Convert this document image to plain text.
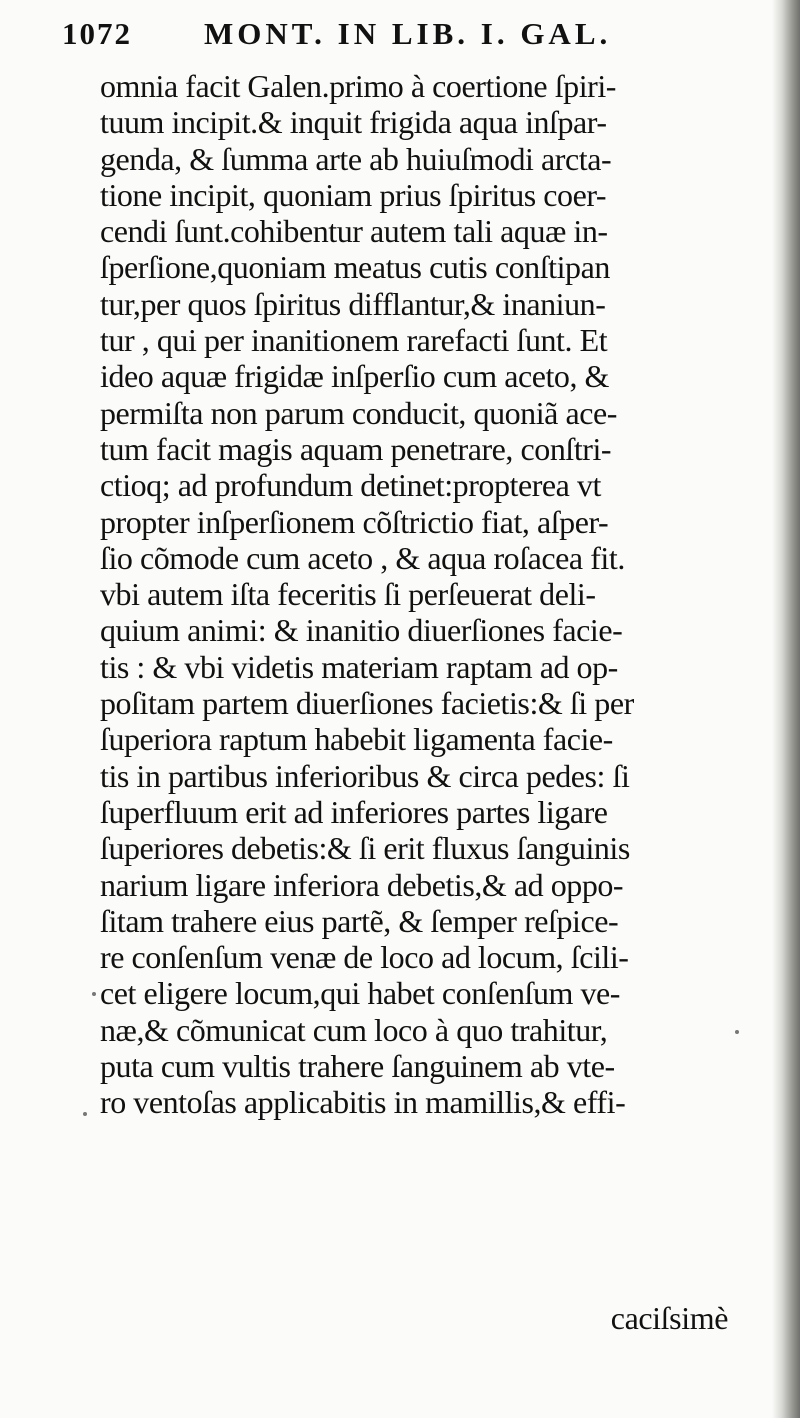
1072 MONT. IN LIB. I. GAL.
omnia facit Galen.primo à coertione ſpiri-
tuum incipit.& inquit frigida aqua inſpar-
genda, & ſumma arte ab huiuſmodi arcta-
tione incipit, quoniam prius ſpiritus coer-
cendi ſunt.cohibentur autem tali aquæ in-
ſperſione,quoniam meatus cutis conſtipan
tur,per quos ſpiritus difflantur,& inaniun-
tur , qui per inanitionem rarefacti ſunt. Et
ideo aquæ frigidæ inſperſio cum aceto, &
permiſta non parum conducit, quoniã ace-
tum facit magis aquam penetrare, conſtri-
ctioq; ad profundum detinet:propterea vt
propter inſperſionem cõſtrictio fiat, aſper-
ſio cõmode cum aceto , & aqua roſacea fit.
vbi autem iſta feceritis ſi perſeuerat deli-
quium animi: & inanitio diuerſiones facie-
tis : & vbi videtis materiam raptam ad op-
poſitam partem diuerſiones facietis:& ſi per
ſuperiora raptum habebit ligamenta facie-
tis in partibus inferioribus & circa pedes: ſi
ſuperfluum erit ad inferiores partes ligare
ſuperiores debetis:& ſi erit fluxus ſanguinis
narium ligare inferiora debetis,& ad oppo-
ſitam trahere eius partẽ, & ſemper reſpice-
re conſenſum venæ de loco ad locum, ſcili-
cet eligere locum,qui habet conſenſum ve-
næ,& cõmunicat cum loco à quo trahitur,
puta cum vultis trahere ſanguinem ab vte-
ro ventoſas applicabitis in mamillis,& effi-
caciſsimè
